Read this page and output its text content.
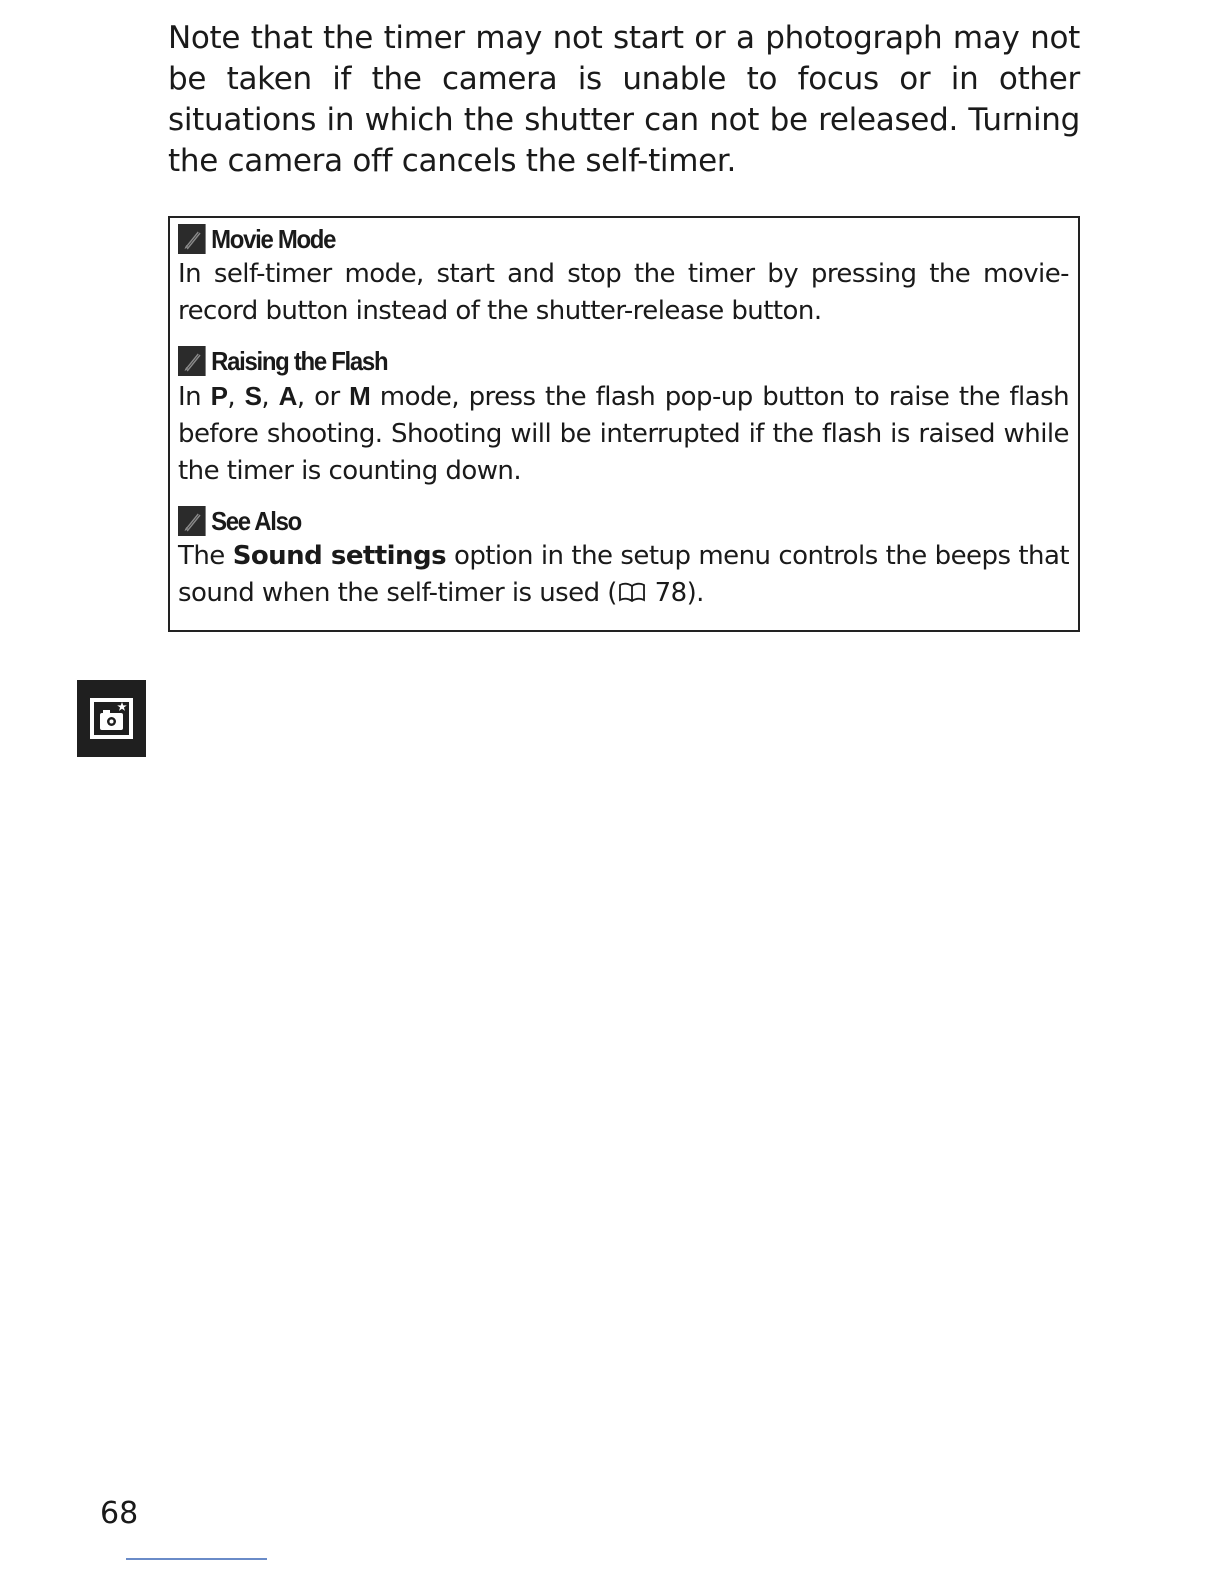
Note that the timer may not start or a photograph may not be taken if the camera is unable to focus or in other situations in which the shutter can not be released. Turning the camera off cancels the self-timer.

Movie Mode

In self-timer mode, start and stop the timer by pressing the movie-record button instead of the shutter-release button.

Raising the Flash

In P, S, A, or M mode, press the flash pop-up button to raise the flash before shooting. Shooting will be interrupted if the flash is raised while the timer is counting down.

See Also

The Sound settings option in the setup menu controls the beeps that sound when the self-timer is used ( 78).

68
